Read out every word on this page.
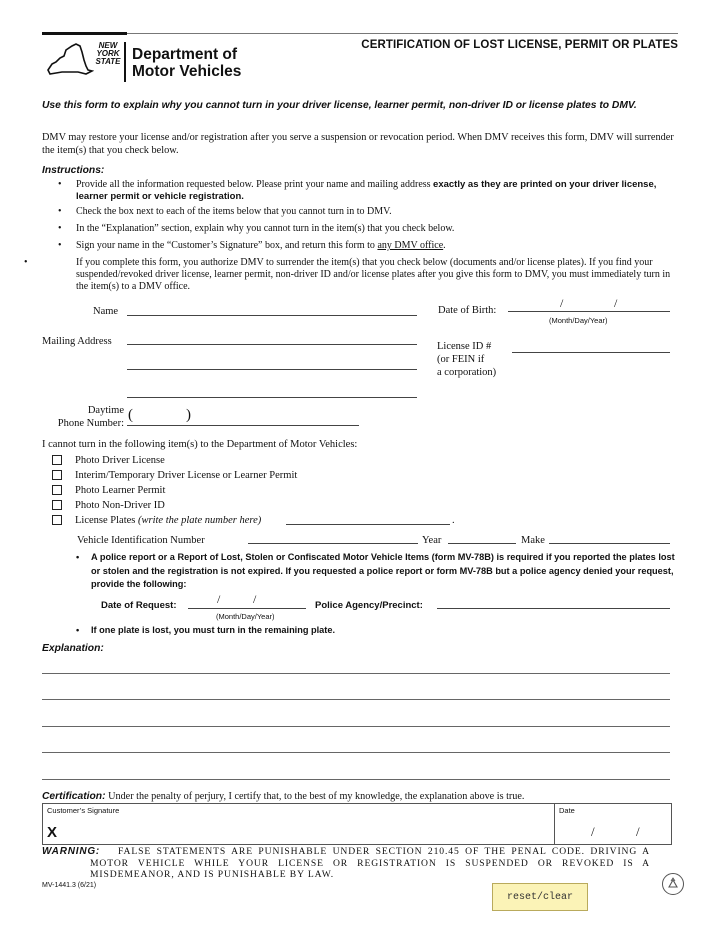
NEW
YORK
STATE Department of
Motor Vehicles
CERTIFICATION OF LOST LICENSE, PERMIT OR PLATES
Use this form to explain why you cannot turn in your driver license, learner permit, non-driver ID or license plates to DMV.
DMV may restore your license and/or registration after you serve a suspension or revocation period. When DMV receives this form, DMV will surrender the item(s) that you check below.
Instructions:
• Provide all the information requested below. Please print your name and mailing address exactly as they are printed on your driver license, learner permit or vehicle registration.
• Check the box next to each of the items below that you cannot turn in to DMV.
• In the “Explanation” section, explain why you cannot turn in the item(s) that you check below.
• Sign your name in the “Customer’s Signature” box, and return this form to any DMV office.
• If you complete this form, you authorize DMV to surrender the item(s) that you check below (documents and/or license plates). If you find your suspended/revoked driver license, learner permit, non-driver ID and/or license plates after you give this form to DMV, you must immediately turn in the item(s) to a DMV office.
Name	Date of Birth:
/	/
(Month/Day/Year)
Mailing Address	License ID #
(or FEIN if
a corporation)
Daytime
Phone Number:
(	)
I cannot turn in the following item(s) to the Department of Motor Vehicles:
Photo Driver License
Interim/Temporary Driver License or Learner Permit
Photo Learner Permit
Photo Non-Driver ID
License Plates (write the plate number here)	.
Vehicle Identification Number	Year	Make
• A police report or a Report of Lost, Stolen or Confiscated Motor Vehicle Items (form MV-78B) is required if you reported the plates lost or stolen and the registration is not expired. If you requested a police report or form MV-78B but a police agency denied your request, provide the following:
Date of Request:	/	/
(Month/Day/Year)
Police Agency/Precinct:
• If one plate is lost, you must turn in the remaining plate.
Explanation:
Certification: Under the penalty of perjury, I certify that, to the best of my knowledge, the explanation above is true.
Customer’s Signature
X
Date
/	/
WARNING:	FALSE STATEMENTS ARE PUNISHABLE UNDER SECTION 210.45 OF THE PENAL CODE. DRIVING A MOTOR VEHICLE WHILE YOUR LICENSE OR REGISTRATION IS SUSPENDED OR REVOKED IS A MISDEMEANOR, AND IS PUNISHABLE BY LAW.
MV-1441.3 (6/21)
reset/clear
